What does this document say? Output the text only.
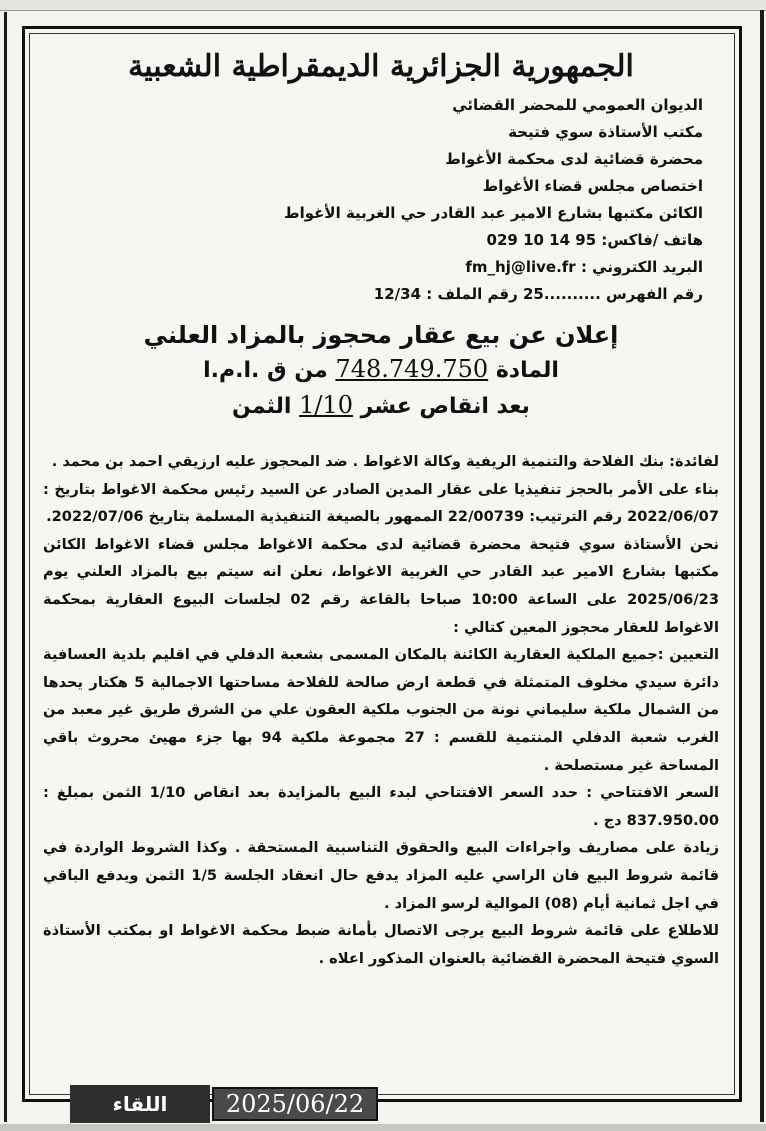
الجمهورية الجزائرية الديمقراطية الشعبية
الديوان العمومي للمحضر القضائي
مكتب الأستاذة سوي فتيحة
محضرة قضائية لدى محكمة الأغواط
اختصاص مجلس قضاء الأغواط
الكائن مكتبها بشارع الامير عبد القادر حي الغربية الأغواط
هاتف /فاكس: 029 10 14 95
البريد الكتروني : fm_hj@live.fr
رقم الفهرس ..........25 رقم الملف : 12/34
إعلان عن بيع عقار محجوز بالمزاد العلني
المادة 748.749.750 من ق .ا.م.ا
بعد انقاص عشر 1/10 الثمن

لفائدة: بنك الفلاحة والتنمية الريفية وكالة الاغواط . ضد المحجوز عليه ارزيقي احمد بن محمد .

بناء على الأمر بالحجز تنفيذيا على عقار المدين الصادر عن السيد رئيس محكمة الاغواط بتاريخ : 2022/06/07 رقم الترتيب: 22/00739 الممهور بالصيغة التنفيذية المسلمة بتاريخ 2022/07/06.

نحن الأستاذة سوي فتيحة محضرة قضائية لدى محكمة الاغواط مجلس قضاء الاغواط الكائن مكتبها بشارع الامير عبد القادر حي الغربية الاغواط، نعلن انه سيتم بيع بالمزاد العلني يوم 2025/06/23 على الساعة 10:00 صباحا بالقاعة رقم 02 لجلسات البيوع العقارية بمحكمة الاغواط للعقار محجوز المعين كتالي :

التعيين :جميع الملكية العقارية الكائنة بالمكان المسمى بشعبة الدفلي في اقليم بلدية العسافية دائرة سيدي مخلوف المتمثلة في قطعة ارض صالحة للفلاحة مساحتها الاجمالية 5 هكتار يحدها من الشمال ملكية سليماني نونة من الجنوب ملكية العقون علي من الشرق طريق غير معبد من الغرب شعبة الدفلي المنتمية للقسم : 27 مجموعة ملكية 94 بها جزء مهيئ محروث باقي المساحة غير مستصلحة .

السعر الافتتاحي : حدد السعر الافتتاحي لبدء البيع بالمزايدة بعد انقاص 1/10 الثمن بمبلغ : 837.950.00 دج .

زيادة على مصاريف واجراءات البيع والحقوق التناسبية المستحقة . وكذا الشروط الواردة في قائمة شروط البيع فان الراسي عليه المزاد يدفع حال انعقاد الجلسة 1/5 الثمن ويدفع الباقي في اجل ثمانية أيام (08) الموالية لرسو المزاد .

للاطلاع على قائمة شروط البيع يرجى الاتصال بأمانة ضبط محكمة الاغواط او بمكتب الأستاذة السوي فتيحة المحضرة القضائية بالعنوان المذكور اعلاه .

اللقاء	2025/06/22
